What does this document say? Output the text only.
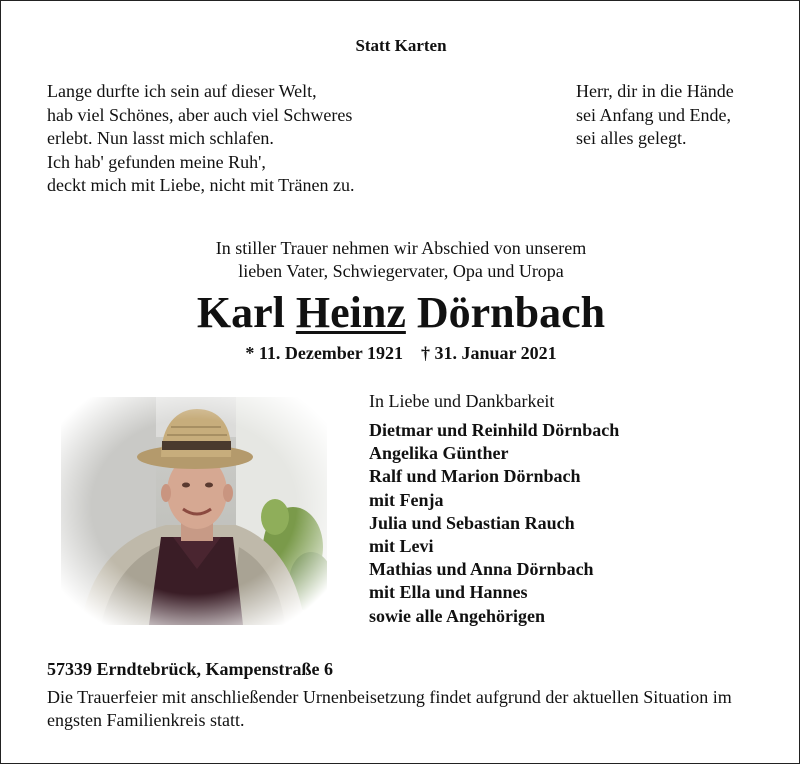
Statt Karten
Lange durfte ich sein auf dieser Welt,
hab viel Schönes, aber auch viel Schweres
erlebt. Nun lasst mich schlafen.
Ich hab' gefunden meine Ruh',
deckt mich mit Liebe, nicht mit Tränen zu.
Herr, dir in die Hände
sei Anfang und Ende,
sei alles gelegt.
In stiller Trauer nehmen wir Abschied von unserem
lieben Vater, Schwiegervater, Opa und Uropa
Karl Heinz Dörnbach
* 11. Dezember 1921 † 31. Januar 2021
In Liebe und Dankbarkeit
Dietmar und Reinhild Dörnbach
Angelika Günther
Ralf und Marion Dörnbach
mit Fenja
Julia und Sebastian Rauch
mit Levi
Mathias und Anna Dörnbach
mit Ella und Hannes
sowie alle Angehörigen
57339 Erndtebrück, Kampenstraße 6
Die Trauerfeier mit anschließender Urnenbeisetzung findet aufgrund der aktuellen Situation im engsten Familienkreis statt.
